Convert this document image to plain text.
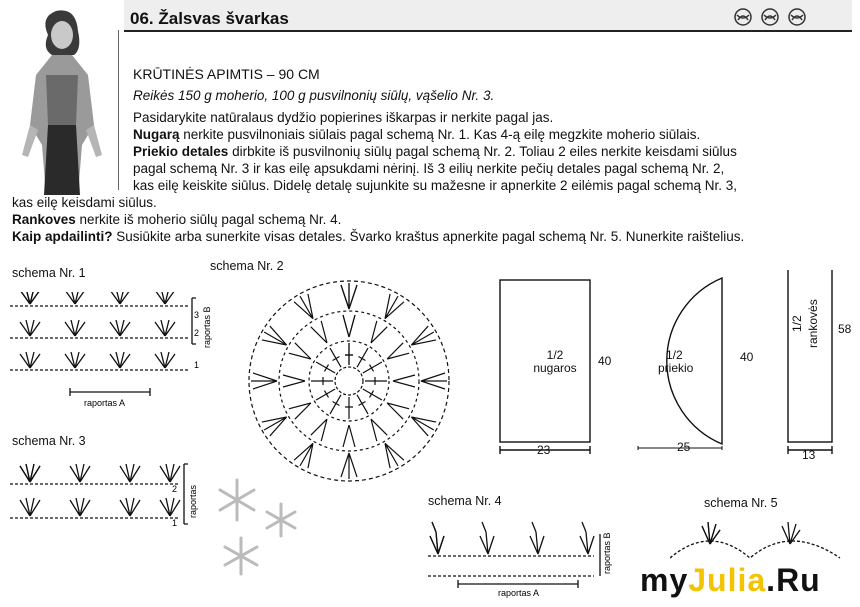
06. Žalsvas švarkas
KRŪTINĖS APIMTIS – 90 CM
Reikės 150 g moherio, 100 g pusvilnonių siūlų, vąšelio Nr. 3.
Pasidarykite natūralaus dydžio popierines iškarpas ir nerkite pagal jas.
Nugarą nerkite pusvilnoniais siūlais pagal schemą Nr. 1. Kas 4-ą eilę megzkite moherio siūlais.
Priekio detales dirbkite iš pusvilnonių siūlų pagal schemą Nr. 2. Toliau 2 eiles nerkite keisdami siūlus
pagal schemą Nr. 3 ir kas eilę apsukdami nėrinį. Iš 3 eilių nerkite pečių detales pagal schemą Nr. 2,
kas eilę keiskite siūlus. Didelę detalę sujunkite su mažesne ir apnerkite 2 eilėmis pagal schemą Nr. 3,
kas eilę keisdami siūlus.
Rankoves nerkite iš moherio siūlų pagal schemą Nr. 4.
Kaip apdailinti? Susiūkite arba sunerkite visas detales. Švarko kraštus apnerkite pagal schemą Nr. 5. Nunerkite raištelius.
schema Nr. 1	schema Nr. 2
schema Nr. 3
schema Nr. 4	schema Nr. 5
3
2
1
raportas A
raportas B
2
1
raportas
raportas A
raportas B
1/2
nugaros	40
23
1/2
priekio
40
25
1/2 rankovės 58
13
myJulia.Ru
